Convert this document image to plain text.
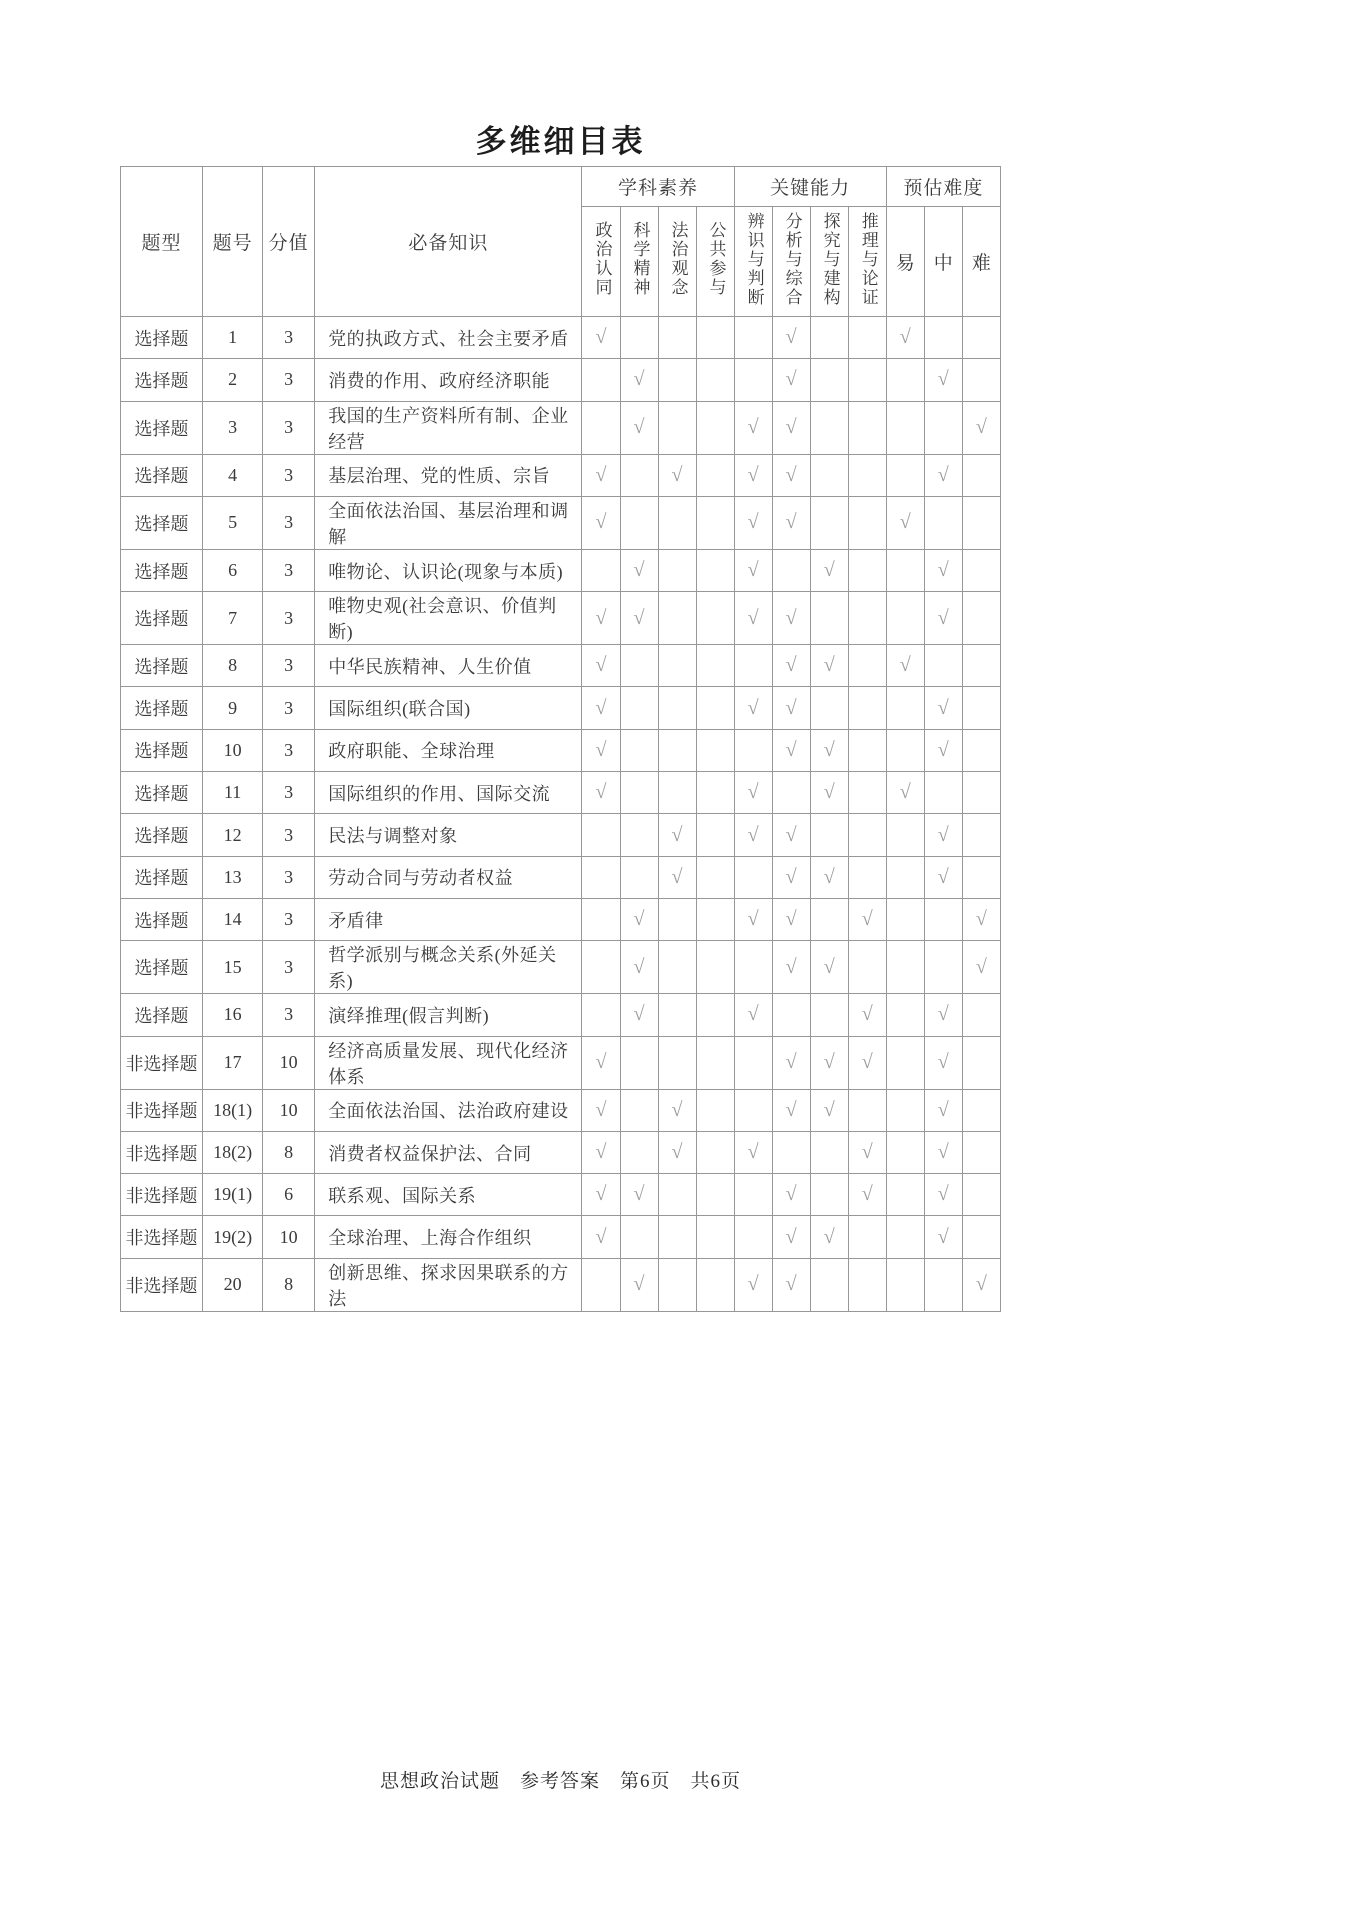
多维细目表
题型	题号	分值	必备知识	学科素养				关键能力				预估难度		
				政治认同	科学精神	法治观念	公共参与	辨识与判断	分析与综合	探究与建构	推理与论证	易	中	难
选择题	1	3	党的执政方式、社会主要矛盾	√					√			√		
选择题	2	3	消费的作用、政府经济职能		√				√				√	
选择题	3	3	我国的生产资料所有制、企业经营		√			√	√					√
选择题	4	3	基层治理、党的性质、宗旨	√		√		√	√				√	
选择题	5	3	全面依法治国、基层治理和调解	√				√	√			√		
选择题	6	3	唯物论、认识论(现象与本质)		√			√		√			√	
选择题	7	3	唯物史观(社会意识、价值判断)	√	√			√	√				√	
选择题	8	3	中华民族精神、人生价值	√					√	√		√		
选择题	9	3	国际组织(联合国)	√				√	√				√	
选择题	10	3	政府职能、全球治理	√					√	√			√	
选择题	11	3	国际组织的作用、国际交流	√				√		√		√		
选择题	12	3	民法与调整对象			√		√	√				√	
选择题	13	3	劳动合同与劳动者权益			√			√	√			√	
选择题	14	3	矛盾律		√			√	√		√			√
选择题	15	3	哲学派别与概念关系(外延关系)		√				√	√				√
选择题	16	3	演绎推理(假言判断)		√			√			√		√	
非选择题	17	10	经济高质量发展、现代化经济体系	√					√	√	√		√	
非选择题	18(1)	10	全面依法治国、法治政府建设	√		√			√	√			√	
非选择题	18(2)	8	消费者权益保护法、合同	√		√		√			√		√	
非选择题	19(1)	6	联系观、国际关系	√	√				√		√		√	
非选择题	19(2)	10	全球治理、上海合作组织	√					√	√			√	
非选择题	20	8	创新思维、探求因果联系的方法		√			√	√					√
思想政治试题　参考答案　第6页　共6页
